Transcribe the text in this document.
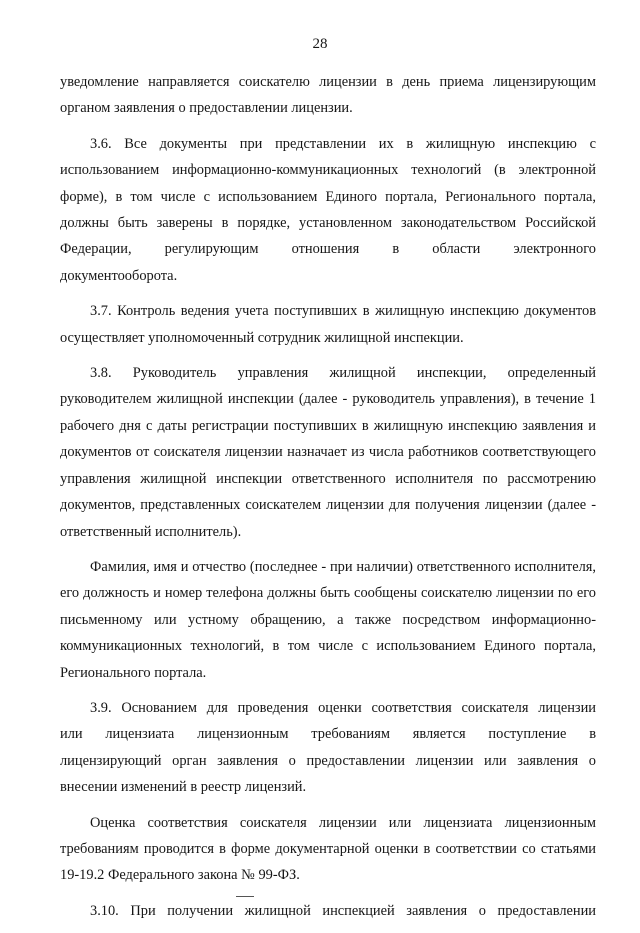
28

уведомление направляется соискателю лицензии в день приема лицензирующим органом заявления о предоставлении лицензии.

3.6. Все документы при представлении их в жилищную инспекцию с
использованием информационно-коммуникационных технологий (в электронной
форме), в том числе с использованием Единого портала, Регионального портала,
должны быть заверены в порядке, установленном законодательством Российской
Федерации, регулирующим отношения в области электронного
документооборота.

3.7. Контроль ведения учета поступивших в жилищную инспекцию документов осуществляет уполномоченный сотрудник жилищной инспекции.

3.8. Руководитель управления жилищной инспекции, определенный руководителем жилищной инспекции (далее - руководитель управления), в течение 1 рабочего дня с даты регистрации поступивших в жилищную инспекцию заявления и документов от соискателя лицензии назначает из числа работников соответствующего управления жилищной инспекции ответственного исполнителя по рассмотрению документов, представленных соискателем лицензии для получения лицензии (далее - ответственный исполнитель).

Фамилия, имя и отчество (последнее - при наличии) ответственного исполнителя, его должность и номер телефона должны быть сообщены соискателю лицензии по его письменному или устному обращению, а также посредством информационно-коммуникационных технологий, в том числе с использованием Единого портала, Регионального портала.

3.9. Основанием для проведения оценки соответствия соискателя лицензии
или лицензиата лицензионным требованиям является поступление в
лицензирующий орган заявления о предоставлении лицензии или заявления о
внесении изменений в реестр лицензий.

Оценка соответствия соискателя лицензии или лицензиата лицензионным требованиям проводится в форме документарной оценки в соответствии со статьями 19-19.2 Федерального закона № 99-ФЗ.

3.10. При получении жилищной инспекцией заявления о предоставлении
